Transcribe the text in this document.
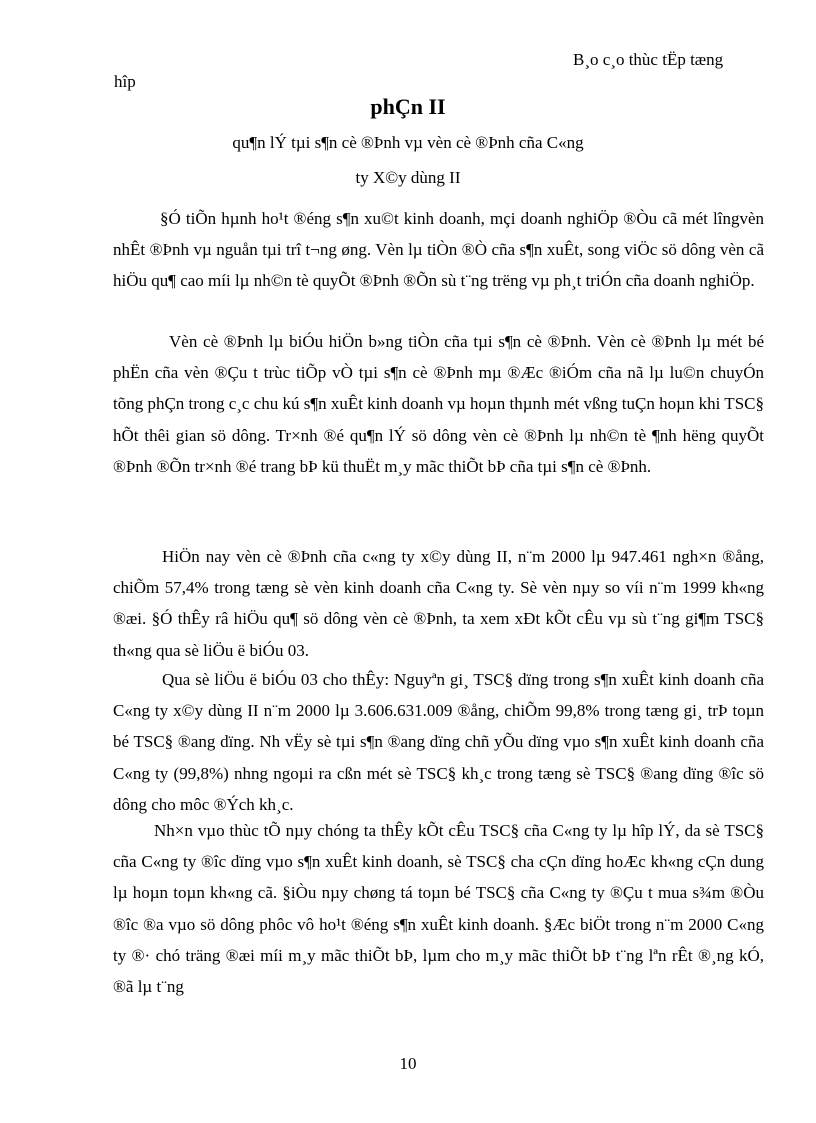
B¸o c¸o thùc tËp tæng
hîp
phÇn II
qu¶n lÝ tµi s¶n cè ®Þnh vµ vèn cè ®Þnh cña C«ng
ty X©y dùng II

§Ó tiÕn hµnh ho¹t ®éng s¶n xu©t kinh doanh, mçi doanh nghiÖp ®Òu cã mét lîngvèn nhÊt ®Þnh vµ nguån tµi trî t¬ng øng. Vèn lµ tiÒn ®Ò cña s¶n xuÊt, song viÖc sö dông vèn cã hiÖu qu¶ cao míi lµ nh©n tè quyÕt ®Þnh ®Õn sù t¨ng trëng vµ ph¸t triÓn cña doanh nghiÖp.

Vèn cè ®Þnh lµ biÓu hiÖn b»ng tiÒn cña tµi s¶n cè ®Þnh. Vèn cè ®Þnh lµ mét bé phËn cña vèn ®Çu t trùc tiÕp vÒ tµi s¶n cè ®Þnh mµ ®Æc ®iÓm cña nã lµ lu©n chuyÓn tõng phÇn trong c¸c chu kú s¶n xuÊt kinh doanh vµ hoµn thµnh mét vßng tuÇn hoµn khi TSC§ hÕt thêi gian sö dông. Tr×nh ®é qu¶n lÝ sö dông vèn cè ®Þnh lµ nh©n tè ¶nh hëng quyÕt ®Þnh ®Õn tr×nh ®é trang bÞ kü thuËt m¸y mãc thiÕt bÞ cña tµi s¶n cè ®Þnh.

HiÖn nay vèn cè ®Þnh cña c«ng ty x©y dùng II, n¨m 2000 lµ 947.461 ngh×n ®ång, chiÕm 57,4% trong tæng sè vèn kinh doanh cña C«ng ty. Sè vèn nµy so víi n¨m 1999 kh«ng ®æi. §Ó thÊy râ hiÖu qu¶ sö dông vèn cè ®Þnh, ta xem xÐt kÕt cÊu vµ sù t¨ng gi¶m TSC§ th«ng qua sè liÖu ë biÓu 03.

Qua sè liÖu ë biÓu 03 cho thÊy: Nguyªn gi¸ TSC§ dïng trong s¶n xuÊt kinh doanh cña C«ng ty x©y dùng II n¨m 2000 lµ 3.606.631.009 ®ång, chiÕm 99,8% trong tæng gi¸ trÞ toµn bé TSC§ ®ang dïng. Nh vËy sè tµi s¶n ®ang dïng chñ yÕu dïng vµo s¶n xuÊt kinh doanh cña C«ng ty (99,8%) nhng ngoµi ra cßn mét sè TSC§ kh¸c trong tæng sè TSC§ ®ang dïng ®îc sö dông cho môc ®Ých kh¸c.

Nh×n vµo thùc tÕ nµy chóng ta thÊy kÕt cÊu TSC§ cña C«ng ty lµ hîp lÝ, da sè TSC§ cña C«ng ty ®îc dïng vµo s¶n xuÊt kinh doanh, sè TSC§ cha cÇn dïng hoÆc kh«ng cÇn dung lµ hoµn toµn kh«ng cã. §iÒu nµy chøng tá toµn bé TSC§ cña C«ng ty ®Çu t mua s¾m ®Òu ®îc ®a vµo sö dông phôc vô ho¹t ®éng s¶n xuÊt kinh doanh. §Æc biÖt trong n¨m 2000 C«ng ty ®· chó träng ®æi míi m¸y mãc thiÕt bÞ, lµm cho m¸y mãc thiÕt bÞ t¨ng lªn rÊt ®¸ng kÓ, ®ã lµ t¨ng

10
